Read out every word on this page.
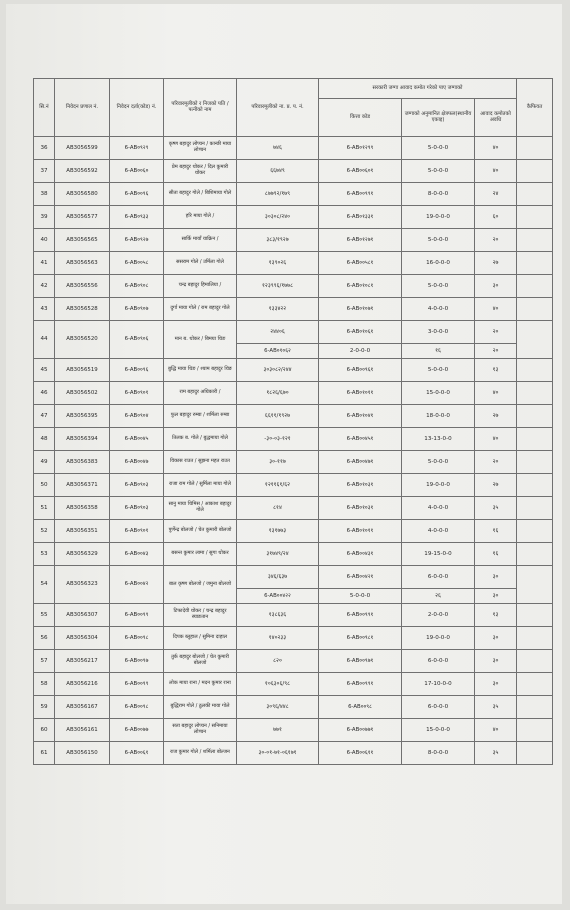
सि.नं	निवेदन प्रणाल नं.	निवेदन दर्ता(कोड) नं.	परिवारमूलीको र निजको पति / पत्नीको नाम	परिवारमूलीको ना. प्र. प. नं.	सरकारी जग्गा आवाद कमोत गरेको पाए जग्गाको			कैफियत
					कित्ता कोड	जग्गाको अनुमानित क्षेत्रफल(स्थानीय एकाइ)	आवाद कमोतको अवधि	
36	AB3056599	6-AB०९२९	कृष्ण बहादुर लोप्चन / कान्छी माया लोप्चन	७४६	6-AB०१२९९	5-0-0-0	४०	
37	AB3056592	6-AB००६०	प्रेम बहादुर थोकर / दिल कुमारी थोकर	६६७४९	6-AB००६०१	5-0-0-0	४०	
38	AB3056580	6-AB००९६	सीता बहादुर गोले / बिशिमाया गोले	८७७९२/१७९	6-AB००९९१	8-0-0-0	२४	
39	AB3056577	6-AB०९३३	हरि माया गोले /	३०३०८/२४०	6-AB०१३३१	19-0-0-0	६०	
40	AB3056565	6-AB०९२७	सार्कि मायाँ याक्रिन /	३८३/१९२७	6-AB०१२७१	5-0-0-0	२०	
41	AB3056563	6-AB००५८	ससराम गोले / उर्मिला गोले	१३९०२६	6-AB००५८१	16-0-0-0	२७	
42	AB3056556	6-AB०९०८	चन्द्र बहादुर हिमालिया /	१२३९९६/१७७८	6-AB०१०८१	5-0-0-0	३०	
43	AB3056528	6-AB०९०७	दुर्गा माया गोले / राम बहादुर गोले	१३३४२२	6-AB०१०७१	4-0-0-0	४०	
44	AB3056520	6-AB०९०६	मान ब. थोकर / बिमया थिङ	२४४०६	6-AB०१०६१	3-0-0-0	२०	
				6-AB०१०६२	2-0-0-0	१६	२०	
45	AB3056519	6-AB००९६	बुद्धि माया थिङ / श्याम बहादुर थिङ	३०३०८२/२४४	6-AB००९६१	5-0-0-0	१३	
46	AB3056502	6-AB०९०१	राम बहादुर अधिकारी /	१८२६/६७०	6-AB०१०११	15-0-0-0	४०	
47	AB3056395	6-AB०९०४	फुल बहादुर रुम्बा / शर्मिला रुम्बा	६६११/१९२७	6-AB०१०४१	18-0-0-0	२७	
48	AB3056394	6-AB००४५	तिलक ब. गोले / बुद्धमाया गोले	-३०-०३-१२१	6-AB००४५१	13-13-0-0	४०	
49	AB3056383	6-AB००४७	विकास राउत / सुझना महत राउत	३०-११७	6-AB००४७१	5-0-0-0	२०	
50	AB3056371	6-AB०९०३	राजा राम गोले / सुर्मिला माया गोले	१२११६१/६२	6-AB०१०३१	19-0-0-0	२७	
51	AB3056358	6-AB०९०३	सानु माया थिमिस / आकाश बहादुर गोले	८१४	6-AB०१०३१	4-0-0-0	३५	
52	AB3056351	6-AB०९०१	पुर्णेन्द्र बोलजो / चेत कुमारी बोलजो	१३१७७३	6-AB०१०११	4-0-0-0	१६	
53	AB3056329	6-AB००४३	बसन्त कुमार लामा / सुगा थोकर	३१७४९/२४	6-AB००४३१	19-15-0-0	१६	
54	AB3056323	6-AB००४२	बाल कृष्ण बोलजो / जमुना बोलजो	३४६/६३७	6-AB००४२१	6-0-0-0	३०	
				6-AB००४२२	5-0-0-0	२६	३०	
55	AB3056307	6-AB००९९	टिफादेवी थोकर / चन्द्र बहादुर स्याङतान	१३८६३६	6-AB००९९१	2-0-0-0	१३	
56	AB3056304	6-AB००९८	दिपक ब्लुहाल / सुमिना दाहाल	१४०२३३	6-AB००९८१	19-0-0-0	३०	
57	AB3056217	6-AB००९७	तुर्क बहादुर बोलजो / चेत कुमारी बोलजो	८२०	6-AB००९७१	6-0-0-0	३०	
58	AB3056216	6-AB००९९	लोक माया राना / मदन कुमार राना	१०६३०६/९८	6-AB००९९१	17-10-0-0	३०	
59	AB3056167	6-AB००९८	बुद्धिराम गोले / ठुलकी माया गोले	३०९६/४४८	6-AB००९८	6-0-0-0	३५	
60	AB3056161	6-AB००७७	सता बहादुर लोप्चन / सनिमाया लोप्चन	७७१	6-AB००७७१	15-0-0-0	४०	
61	AB3056150	6-AB००६१	राज कुमार गोले / शर्मिला बोल्जन	३०-०१-७१-०६१७१	6-AB००६११	8-0-0-0	३५	
